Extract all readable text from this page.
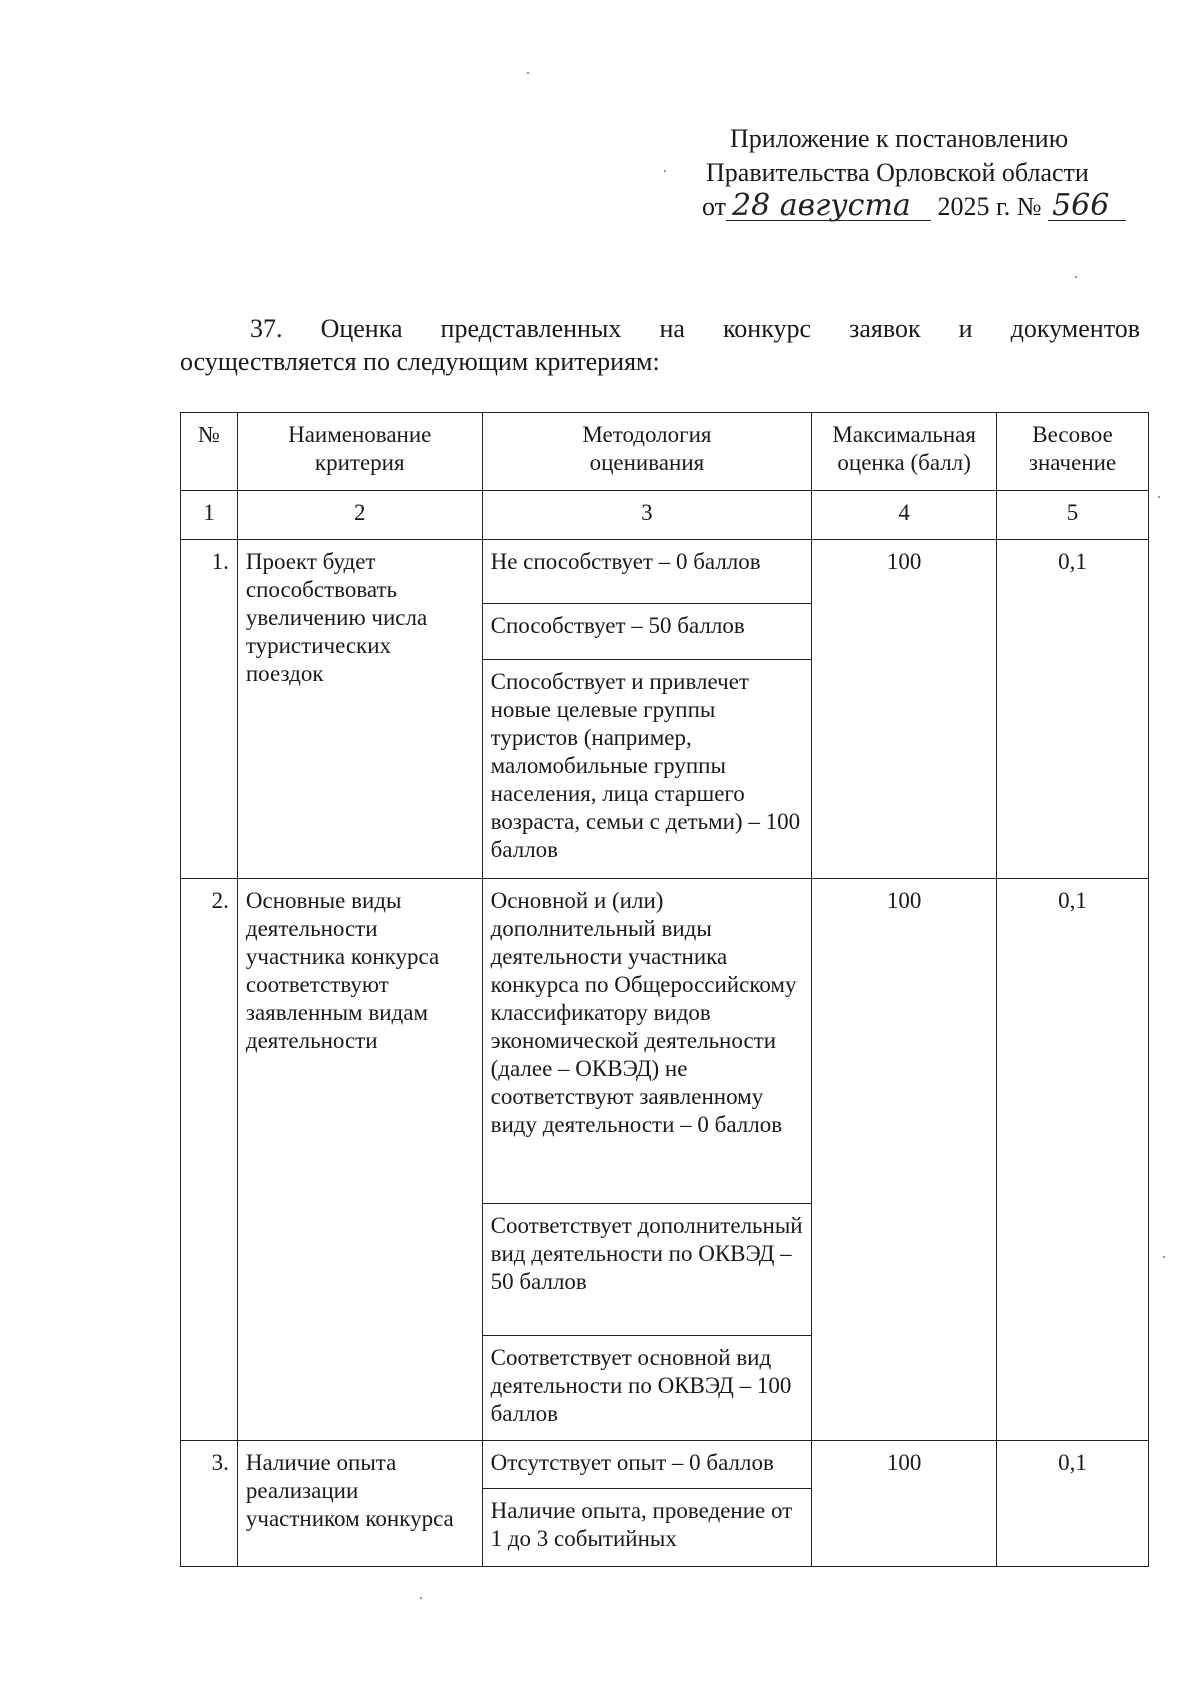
Приложение к постановлению
Правительства Орловской области
от 28 августа 2025 г. № 566
37. Оценка представленных на конкурс заявок и документов
осуществляется по следующим критериям:
№	Наименование критерия	Методология оценивания	Максимальная оценка (балл)	Весовое значение
1	2	3	4	5
1.	Проект будет способствовать увеличению числа туристических поездок	Не способствует – 0 баллов	100	0,1
		Способствует – 50 баллов		
		Способствует и привлечет новые целевые группы туристов (например, маломобильные группы населения, лица старшего возраста, семьи с детьми) – 100 баллов		
2.	Основные виды деятельности участника конкурса соответствуют заявленным видам деятельности	Основной и (или) дополнительный виды деятельности участника конкурса по Общероссийскому классификатору видов экономической деятельности (далее – ОКВЭД) не соответствуют заявленному виду деятельности – 0 баллов	100	0,1
		Соответствует дополнительный вид деятельности по ОКВЭД – 50 баллов		
		Соответствует основной вид деятельности по ОКВЭД – 100 баллов		
3.	Наличие опыта реализации участником конкурса	Отсутствует опыт – 0 баллов	100	0,1
		Наличие опыта, проведение от 1 до 3 событийных		
